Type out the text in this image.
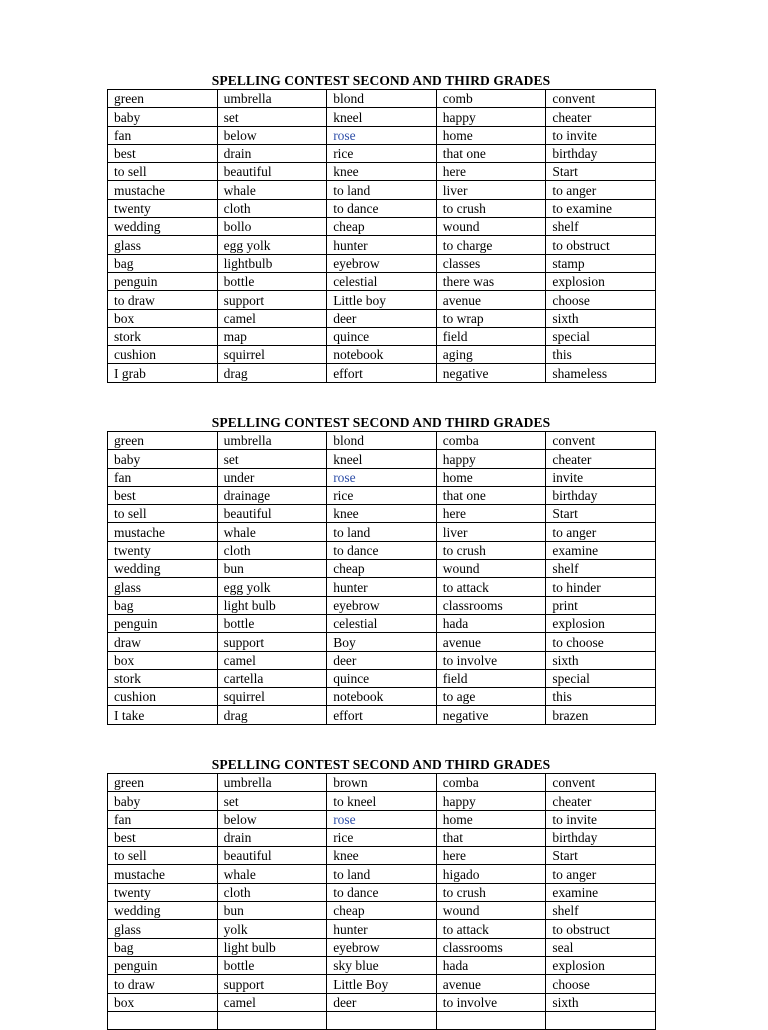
SPELLING CONTEST SECOND AND THIRD GRADES
green	umbrella	blond	comb	convent
baby	set	kneel	happy	cheater
fan	below	rose	home	to invite
best	drain	rice	that one	birthday
to sell	beautiful	knee	here	Start
mustache	whale	to land	liver	to anger
twenty	cloth	to dance	to crush	to examine
wedding	bollo	cheap	wound	shelf
glass	egg yolk	hunter	to charge	to obstruct
bag	lightbulb	eyebrow	classes	stamp
penguin	bottle	celestial	there was	explosion
to draw	support	Little boy	avenue	choose
box	camel	deer	to wrap	sixth
stork	map	quince	field	special
cushion	squirrel	notebook	aging	this
I grab	drag	effort	negative	shameless
SPELLING CONTEST SECOND AND THIRD GRADES
green	umbrella	blond	comba	convent
baby	set	kneel	happy	cheater
fan	under	rose	home	invite
best	drainage	rice	that one	birthday
to sell	beautiful	knee	here	Start
mustache	whale	to land	liver	to anger
twenty	cloth	to dance	to crush	examine
wedding	bun	cheap	wound	shelf
glass	egg yolk	hunter	to attack	to hinder
bag	light bulb	eyebrow	classrooms	print
penguin	bottle	celestial	hada	explosion
draw	support	Boy	avenue	to choose
box	camel	deer	to involve	sixth
stork	cartella	quince	field	special
cushion	squirrel	notebook	to age	this
I take	drag	effort	negative	brazen
SPELLING CONTEST SECOND AND THIRD GRADES
green	umbrella	brown	comba	convent
baby	set	to kneel	happy	cheater
fan	below	rose	home	to invite
best	drain	rice	that	birthday
to sell	beautiful	knee	here	Start
mustache	whale	to land	higado	to anger
twenty	cloth	to dance	to crush	examine
wedding	bun	cheap	wound	shelf
glass	yolk	hunter	to attack	to obstruct
bag	light bulb	eyebrow	classrooms	seal
penguin	bottle	sky blue	hada	explosion
to draw	support	Little Boy	avenue	choose
box	camel	deer	to involve	sixth
